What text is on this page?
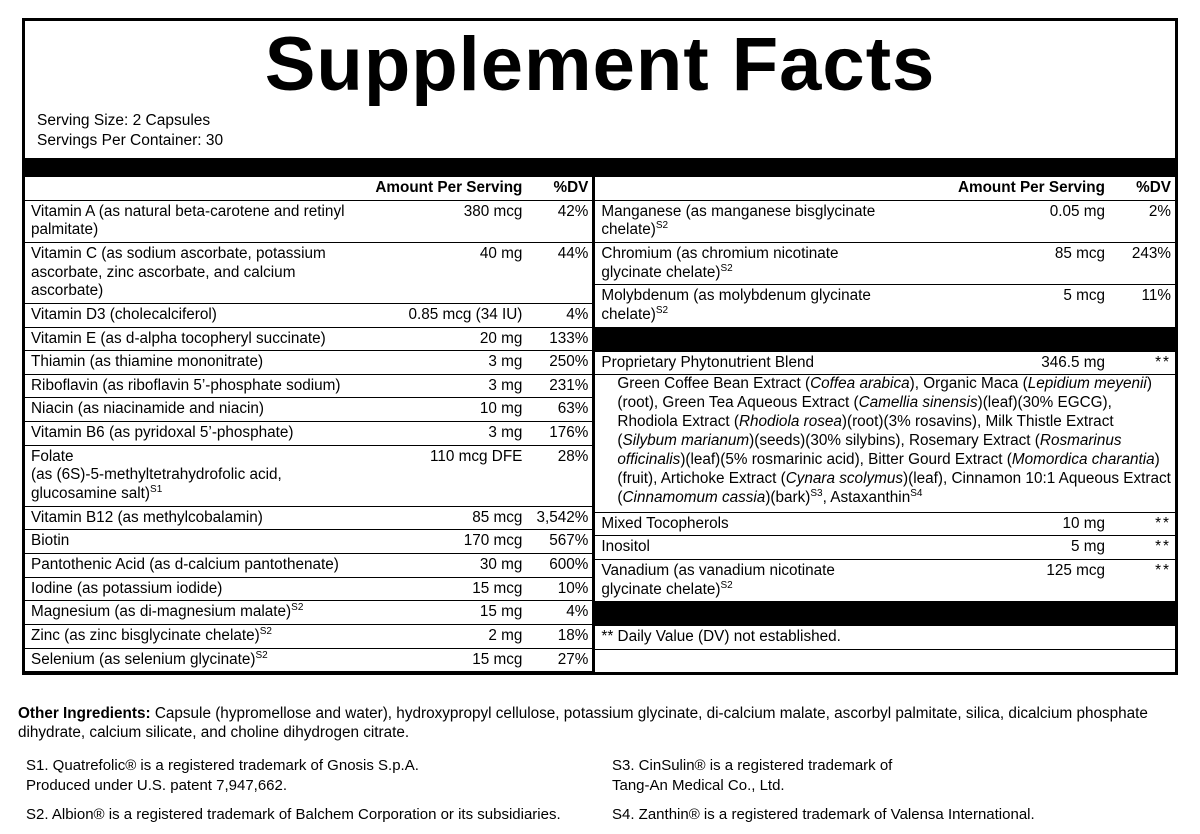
Supplement Facts
Serving Size: 2 Capsules
Servings Per Container: 30
	Amount Per Serving	%DV
Vitamin A (as natural beta-carotene and retinyl palmitate)	380 mcg	42%
Vitamin C (as sodium ascorbate, potassium ascorbate, zinc ascorbate, and calcium ascorbate)	40 mg	44%
Vitamin D3 (cholecalciferol)	0.85 mcg (34 IU)	4%
Vitamin E (as d-alpha tocopheryl succinate)	20 mg	133%
Thiamin (as thiamine mononitrate)	3 mg	250%
Riboflavin (as riboflavin 5’-phosphate sodium)	3 mg	231%
Niacin (as niacinamide and niacin)	10 mg	63%
Vitamin B6 (as pyridoxal 5’-phosphate)	3 mg	176%
Folate
(as (6S)-5-methyltetrahydrofolic acid, glucosamine salt)$^{S1}$	110 mcg DFE	28%
Vitamin B12 (as methylcobalamin)	85 mcg	3,542%
Biotin	170 mcg	567%
Pantothenic Acid (as d-calcium pantothenate)	30 mg	600%
Iodine (as potassium iodide)	15 mcg	10%
Magnesium (as di-magnesium malate)$^{S2}$	15 mg	4%
Zinc (as zinc bisglycinate chelate)$^{S2}$	2 mg	18%
Selenium (as selenium glycinate)$^{S2}$	15 mcg	27%
	Amount Per Serving	%DV
Manganese (as manganese bisglycinate chelate)$^{S2}$	0.05 mg	2%
Chromium (as chromium nicotinate glycinate chelate)$^{S2}$	85 mcg	243%
Molybdenum (as molybdenum glycinate chelate)$^{S2}$	5 mcg	11%

Proprietary Phytonutrient Blend	346.5 mg	**

Green Coffee Bean Extract (Coffea arabica), Organic Maca (Lepidium meyenii)(root), Green Tea Aqueous Extract (Camellia sinensis)(leaf)(30% EGCG), Rhodiola Extract (Rhodiola rosea)(root)(3% rosavins), Milk Thistle Extract (Silybum marianum)(seeds)(30% silybins), Rosemary Extract (Rosmarinus officinalis)(leaf)(5% rosmarinic acid), Bitter Gourd Extract (Momordica charantia)(fruit), Artichoke Extract (Cynara scolymus)(leaf), Cinnamon 10:1 Aqueous Extract (Cinnamomum cassia)(bark)$^{S3}$, Astaxanthin$^{S4}$

Mixed Tocopherols	10 mg	**
Inositol	5 mg	**
Vanadium (as vanadium nicotinate glycinate chelate)$^{S2}$	125 mcg	**

** Daily Value (DV) not established.		
Other Ingredients: Capsule (hypromellose and water), hydroxypropyl cellulose, potassium glycinate, di-calcium malate, ascorbyl palmitate, silica, dicalcium phosphate dihydrate, calcium silicate, and choline dihydrogen citrate.
S1. Quatrefolic® is a registered trademark of Gnosis S.p.A.
Produced under U.S. patent 7,947,662.
S2. Albion® is a registered trademark of Balchem Corporation or its subsidiaries.
S3. CinSulin® is a registered trademark of
Tang-An Medical Co., Ltd.
S4. Zanthin® is a registered trademark of Valensa International.
